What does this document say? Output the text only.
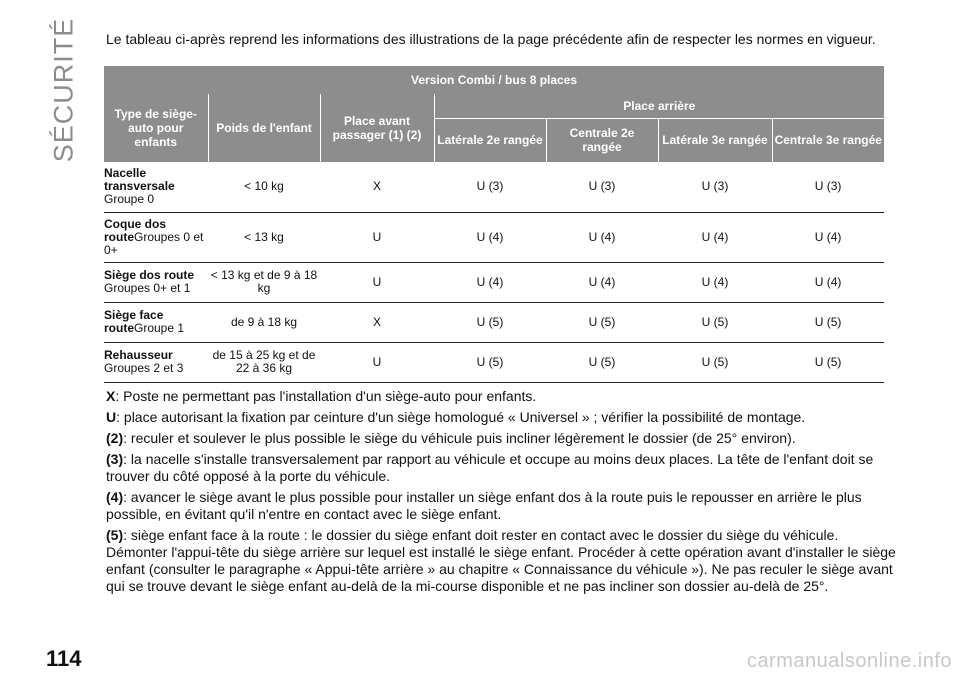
SÉCURITÉ Le tableau ci-après reprend les informations des illustrations de la page précédente afin de respecter les normes en vigueur.
Version Combi / bus 8 places						
Type de siège-auto pour enfants	Poids de l'enfant	Place avant passager (1) (2)	Place arrière			
			Latérale 2e rangée	Centrale 2e rangée	Latérale 3e rangée	Centrale 3e rangée
Nacelle transversale
Groupe 0	< 10 kg	X	U (3)	U (3)	U (3)	U (3)
Coque dos routeGroupes 0 et 0+	< 13 kg	U	U (4)	U (4)	U (4)	U (4)
Siège dos route
Groupes 0+ et 1	< 13 kg et de 9 à 18 kg	U	U (4)	U (4)	U (4)	U (4)
Siège face routeGroupe 1	de 9 à 18 kg	X	U (5)	U (5)	U (5)	U (5)
Rehausseur
Groupes 2 et 3	de 15 à 25 kg et de 22 à 36 kg	U	U (5)	U (5)	U (5)	U (5)

X: Poste ne permettant pas l'installation d'un siège-auto pour enfants.

U: place autorisant la fixation par ceinture d'un siège homologué « Universel » ; vérifier la possibilité de montage.

(2): reculer et soulever le plus possible le siège du véhicule puis incliner légèrement le dossier (de 25° environ).

(3): la nacelle s'installe transversalement par rapport au véhicule et occupe au moins deux places. La tête de l'enfant doit se trouver du côté opposé à la porte du véhicule.

(4): avancer le siège avant le plus possible pour installer un siège enfant dos à la route puis le repousser en arrière le plus possible, en évitant qu'il n'entre en contact avec le siège enfant.

(5): siège enfant face à la route : le dossier du siège enfant doit rester en contact avec le dossier du siège du véhicule. Démonter l'appui-tête du siège arrière sur lequel est installé le siège enfant. Procéder à cette opération avant d'installer le siège enfant (consulter le paragraphe « Appui-tête arrière » au chapitre « Connaissance du véhicule »). Ne pas reculer le siège avant qui se trouve devant le siège enfant au-delà de la mi-course disponible et ne pas incliner son dossier au-delà de 25°.

114	carmanualsonline.info
